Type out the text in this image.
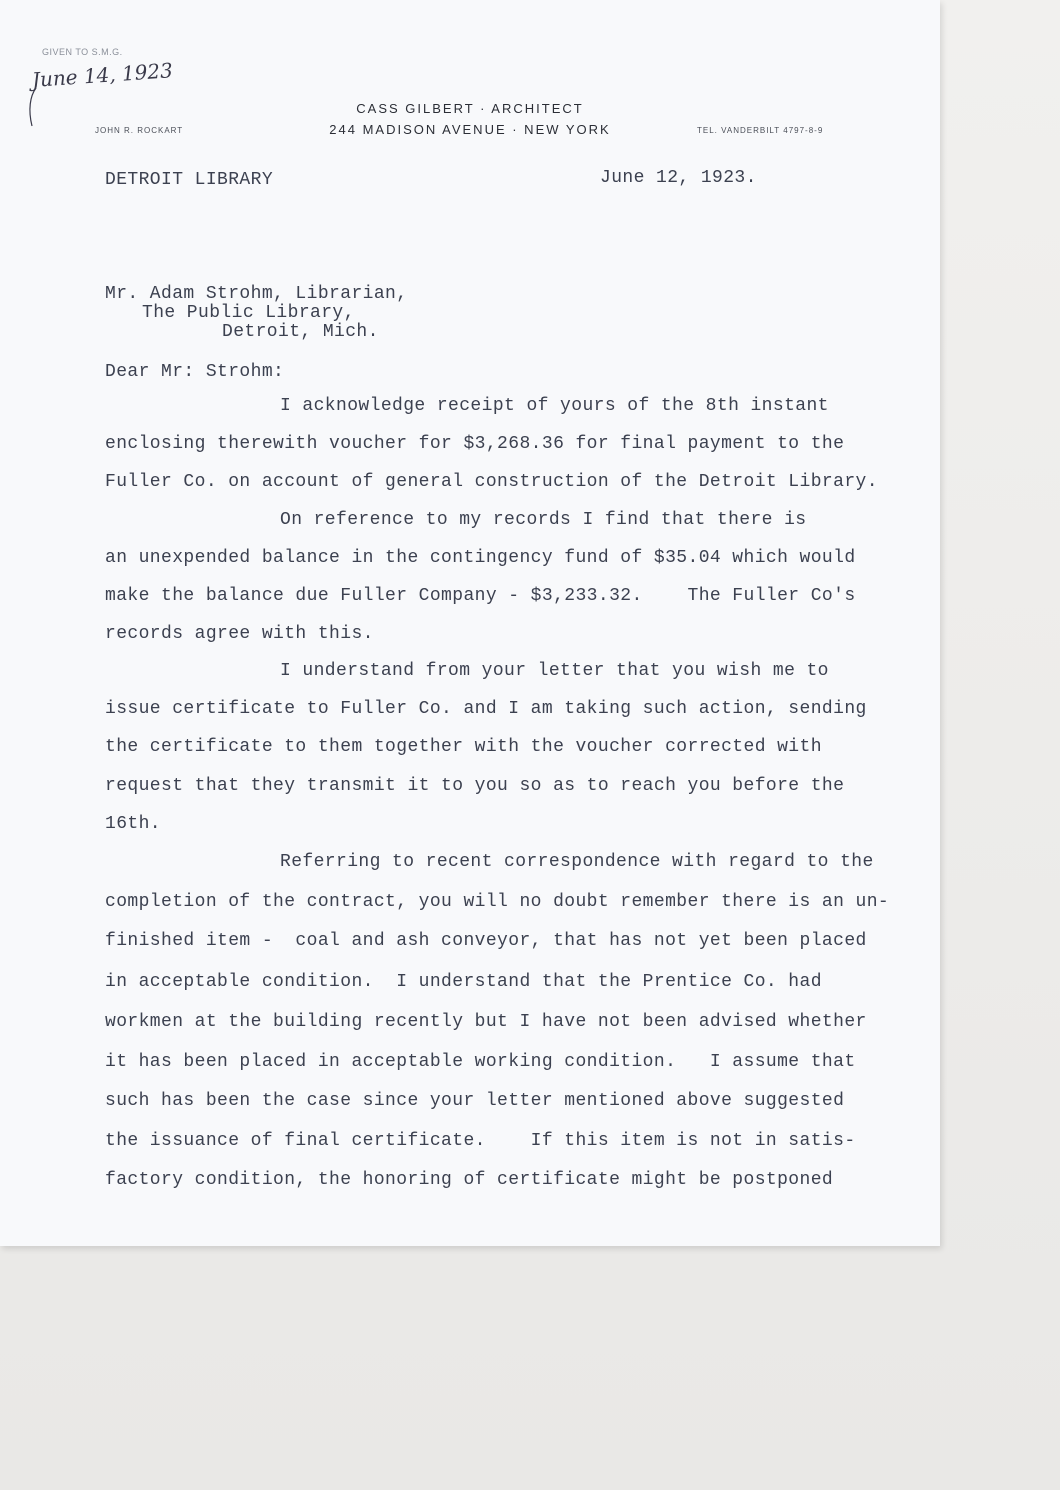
GIVEN TO S.M.G.
June 14, 1923
CASS GILBERT · ARCHITECT
244 MADISON AVENUE · NEW YORK
JOHN R. ROCKART	TEL. VANDERBILT 4797-8-9
DETROIT LIBRARY	June 12, 1923.
Mr. Adam Strohm, Librarian,
The Public Library,
Detroit, Mich.
Dear Mr: Strohm:
I acknowledge receipt of yours of the 8th instant
enclosing therewith voucher for $3,268.36 for final payment to the
Fuller Co. on account of general construction of the Detroit Library.
On reference to my records I find that there is
an unexpended balance in the contingency fund of $35.04 which would
make the balance due Fuller Company - $3,233.32.    The Fuller Co's
records agree with this.
I understand from your letter that you wish me to
issue certificate to Fuller Co. and I am taking such action, sending
the certificate to them together with the voucher corrected with
request that they transmit it to you so as to reach you before the
16th.
Referring to recent correspondence with regard to the
completion of the contract, you will no doubt remember there is an un-
finished item -  coal and ash conveyor, that has not yet been placed
in acceptable condition.  I understand that the Prentice Co. had
workmen at the building recently but I have not been advised whether
it has been placed in acceptable working condition.   I assume that
such has been the case since your letter mentioned above suggested
the issuance of final certificate.    If this item is not in satis-
factory condition, the honoring of certificate might be postponed
